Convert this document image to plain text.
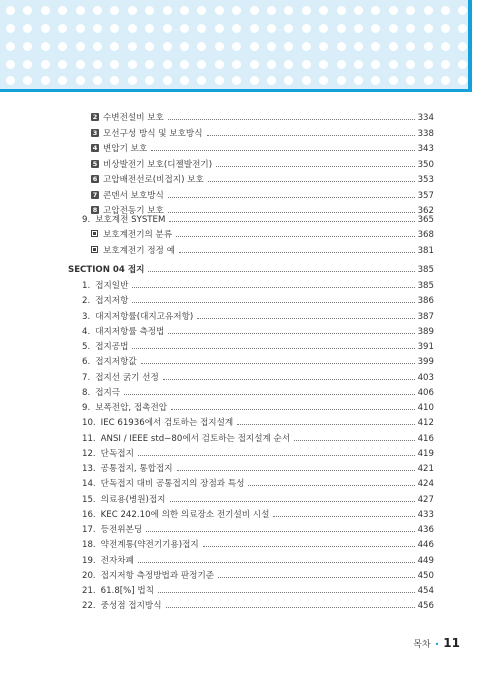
2 수변전설비 보호	334
3 모선구성 방식 및 보호방식	338
4 변압기 보호	343
5 비상발전기 보호(디젤발전기)	350
6 고압배전선로(비접지) 보호	353
7 콘덴서 보호방식	357
8 고압전동기 보호	362
9. 보호계전 SYSTEM	365
보호계전기의 분류	368
보호계전기 정정 예	381
SECTION 04 접지	385
1. 접지일반	385
2. 접지저항	386
3. 대지저항률(대지고유저항)	387
4. 대지저항률 측정법	389
5. 접지공법	391
6. 접지저항값	399
7. 접지선 굵기 선정	403
8. 접지극	406
9. 보폭전압, 접촉전압	410
10. IEC 61936에서 검토하는 접지설계	412
11. ANSI / IEEE std−80에서 검토하는 접지설계 순서	416
12. 단독접지	419
13. 공통접지, 통합접지	421
14. 단독접지 대비 공통접지의 장점과 특성	424
15. 의료용(병원)접지	427
16. KEC 242.10에 의한 의료장소 전기설비 시설	433
17. 등전위본딩	436
18. 약전계통(약전기기용)접지	446
19. 전자차폐	449
20. 접지저항 측정방법과 판정기준	450
21. 61.8[%] 법칙	454
22. 중성점 접지방식	456
목차 • 11
